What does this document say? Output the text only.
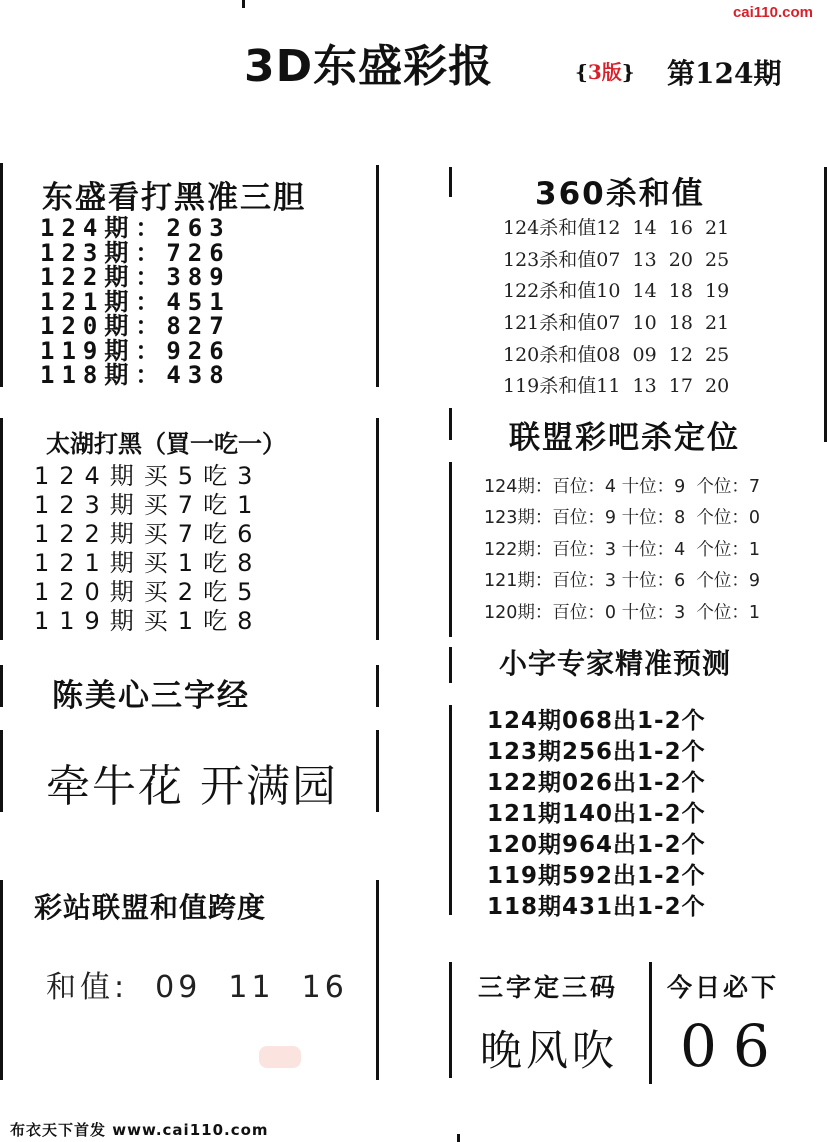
cai110.com
3D东盛彩报	{3版} 第124期
东盛看打黑准三胆
124期：263
123期：726
122期：389
121期：451
120期：827
119期：926
118期：438
太湖打黑（買一吃一）
124期买5吃3
123期买7吃1
122期买7吃6
121期买1吃8
120期买2吃5
119期买1吃8
陈美心三字经
牵牛花 开满园
彩站联盟和值跨度
和值:  09  11  16
360杀和值
124杀和值12  14  16  21
123杀和值07  13  20  25
122杀和值10  14  18  19
121杀和值07  10  18  21
120杀和值08  09  12  25
119杀和值11  13  17  20
联盟彩吧杀定位
124期：百位：4 十位：9  个位：7
123期：百位：9 十位：8  个位：0
122期：百位：3 十位：4  个位：1
121期：百位：3 十位：6  个位：9
120期：百位：0 十位：3  个位：1
小字专家精准预测
124期068出1-2个
123期256出1-2个
122期026出1-2个
121期140出1-2个
120期964出1-2个
119期592出1-2个
118期431出1-2个
三字定三码
晚风吹
今日必下
06
布衣天下首发 www.cai110.com
